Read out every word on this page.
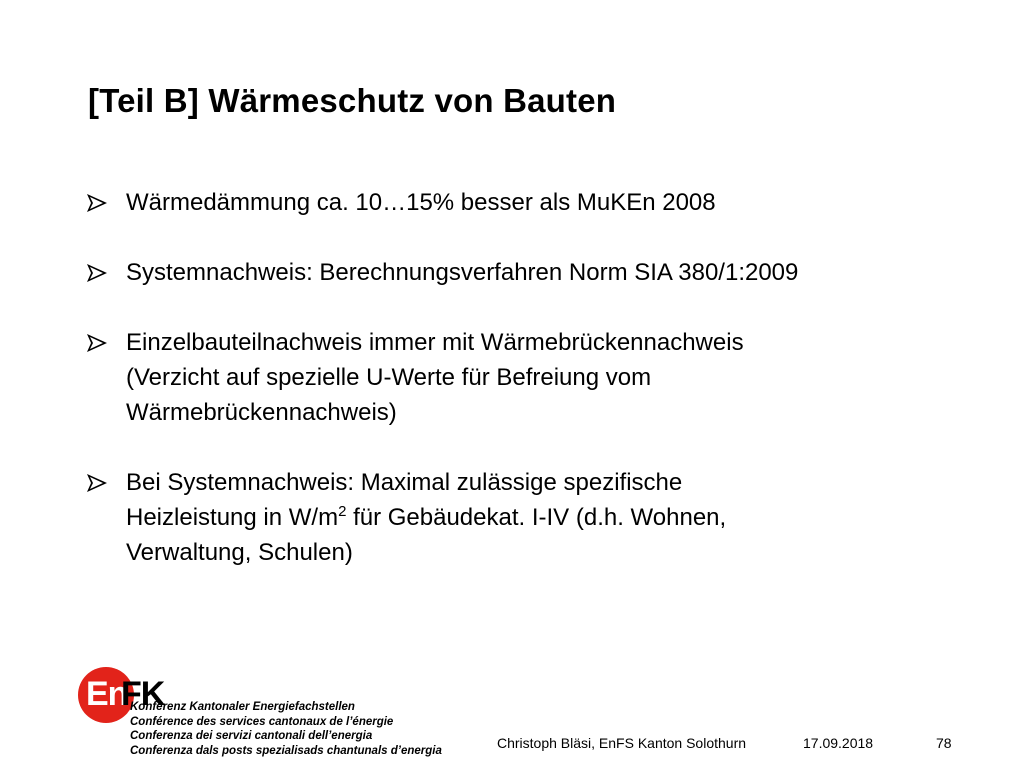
[Teil B] Wärmeschutz von Bauten
Wärmedämmung ca. 10…15% besser als MuKEn 2008
Systemnachweis: Berechnungsverfahren Norm SIA 380/1:2009
Einzelbauteilnachweis immer mit Wärmebrückennachweis
(Verzicht auf spezielle U-Werte für Befreiung vom
Wärmebrückennachweis)
Bei Systemnachweis: Maximal zulässige spezifische
Heizleistung in $W/m^2$ für Gebäudekat. I-IV (d.h. Wohnen,
Verwaltung, Schulen)
En
FK
Konferenz Kantonaler Energiefachstellen
Conférence des services cantonaux de l’énergie
Conferenza dei servizi cantonali dell’energia
Conferenza dals posts spezialisads chantunals d’energia	Christoph Bläsi, EnFS Kanton Solothurn	17.09.2018	78
